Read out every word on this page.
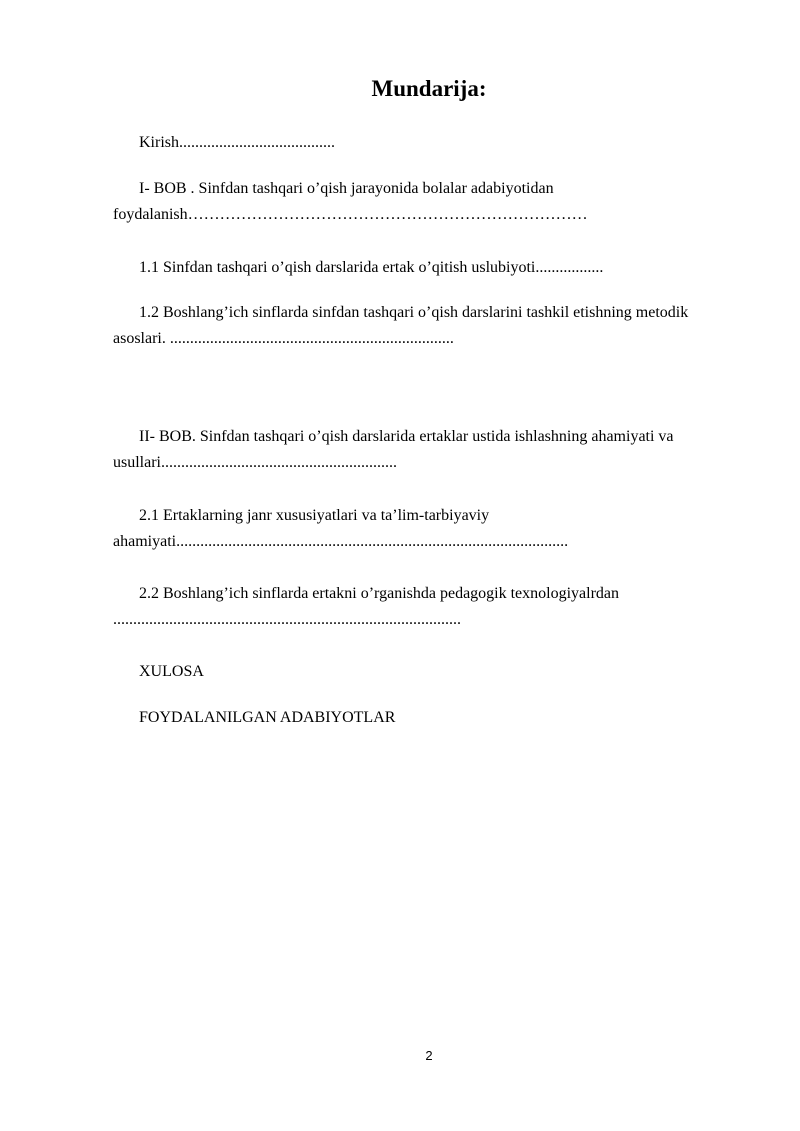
Mundarija:
Kirish.......................................
I- BOB . Sinfdan tashqari o’qish jarayonida bolalar adabiyotidan foydalanish…………………………………………………………………
1.1 Sinfdan tashqari o’qish darslarida ertak o’qitish uslubiyoti.................
1.2 Boshlang’ich sinflarda sinfdan tashqari o’qish darslarini tashkil etishning metodik asoslari. .......................................................................
II- BOB. Sinfdan tashqari o’qish darslarida ertaklar ustida ishlashning ahamiyati va usullari...........................................................
2.1 Ertaklarning janr xususiyatlari va ta’lim-tarbiyaviy ahamiyati..................................................................................................
2.2 Boshlang’ich sinflarda ertakni o’rganishda pedagogik texnologiyalrdan .......................................................................................
XULOSA
FOYDALANILGAN ADABIYOTLAR
2
